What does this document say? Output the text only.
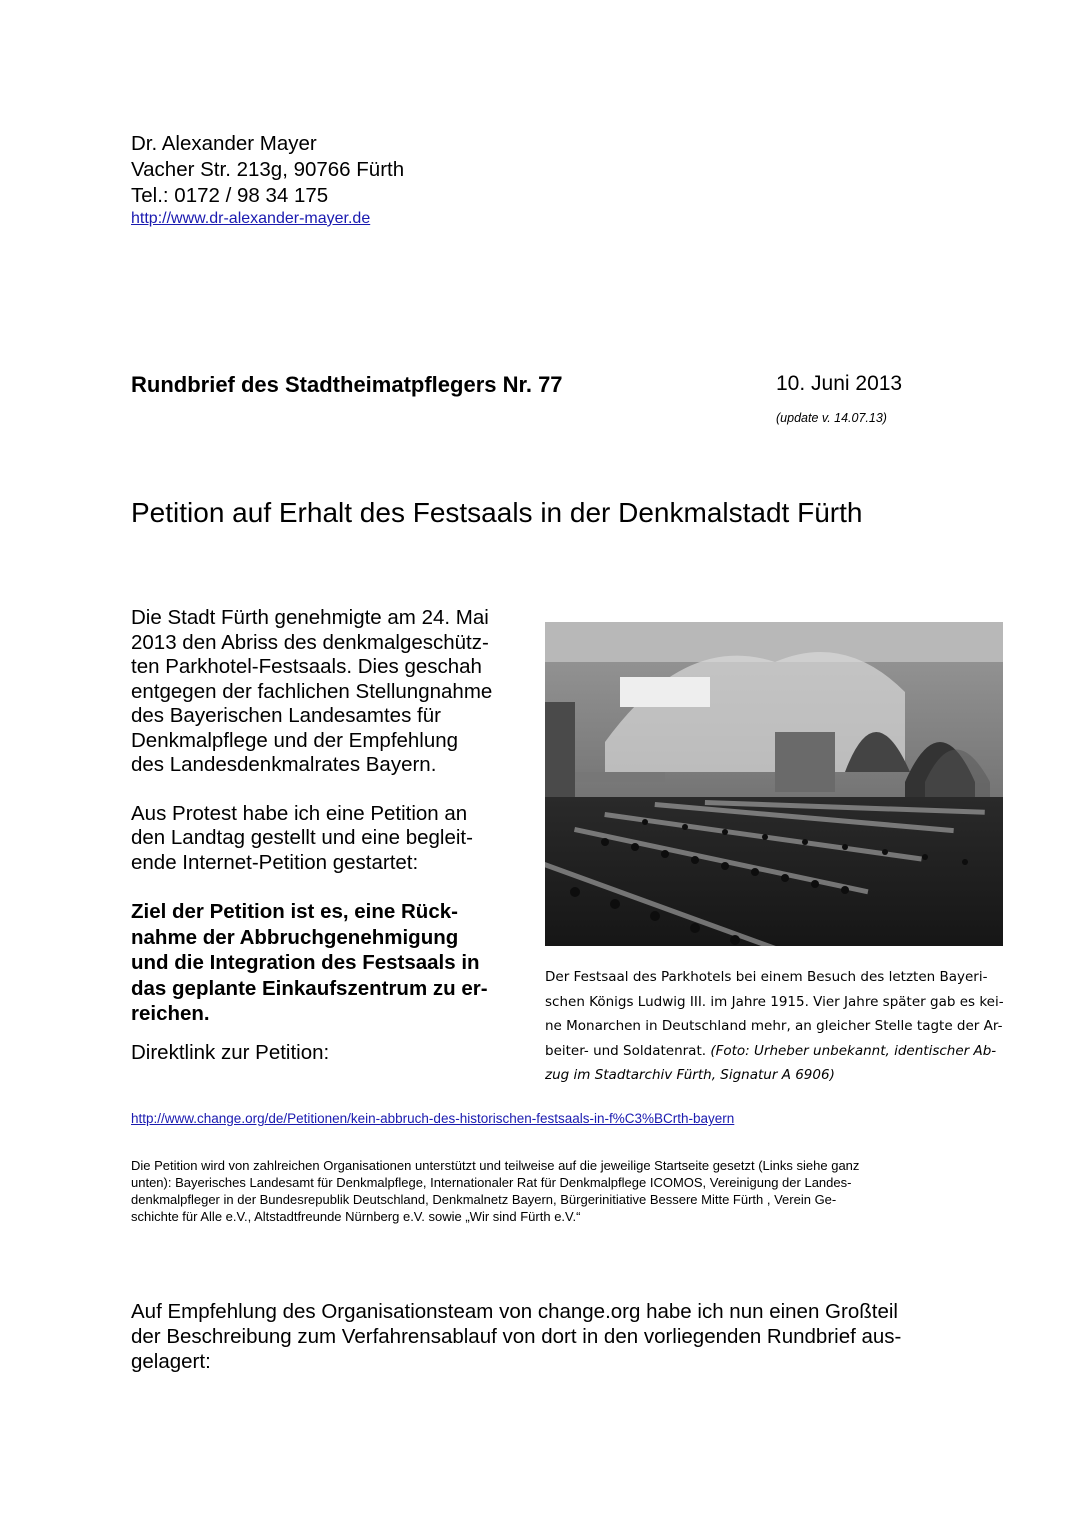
Dr. Alexander Mayer
Vacher Str. 213g, 90766 Fürth
Tel.: 0172 / 98 34 175
http://www.dr-alexander-mayer.de
Rundbrief des Stadtheimatpflegers Nr. 77	10. Juni 2013
(update v. 14.07.13)
Petition auf Erhalt des Festsaals in der Denkmalstadt Fürth

Die Stadt Fürth genehmigte am 24. Mai
2013 den Abriss des denkmalgeschütz-
ten Parkhotel-Festsaals. Dies geschah
entgegen der fachlichen Stellungnahme
des Bayerischen Landesamtes für
Denkmalpflege und der Empfehlung
des Landesdenkmalrates Bayern.

Aus Protest habe ich eine Petition an
den Landtag gestellt und eine begleit-
ende Internet-Petition gestartet:

Ziel der Petition ist es, eine Rück-
nahme der Abbruchgenehmigung
und die Integration des Festsaals in
das geplante Einkaufszentrum zu er-
reichen.

Direktlink zur Petition:

Der Festsaal des Parkhotels bei einem Besuch des letzten Bayeri-
schen Königs Ludwig III. im Jahre 1915. Vier Jahre später gab es kei-
ne Monarchen in Deutschland mehr, an gleicher Stelle tagte der Ar-
beiter- und Soldatenrat. (Foto: Urheber unbekannt, identischer Ab-
zug im Stadtarchiv Fürth, Signatur A 6906)
http://www.change.org/de/Petitionen/kein-abbruch-des-historischen-festsaals-in-f%C3%BCrth-bayern
Die Petition wird von zahlreichen Organisationen unterstützt und teilweise auf die jeweilige Startseite gesetzt (Links siehe ganz
unten): Bayerisches Landesamt für Denkmalpflege, Internationaler Rat für Denkmalpflege ICOMOS, Vereinigung der Landes-
denkmalpfleger in der Bundesrepublik Deutschland, Denkmalnetz Bayern, Bürgerinitiative Bessere Mitte Fürth , Verein Ge-
schichte für Alle e.V., Altstadtfreunde Nürnberg e.V. sowie „Wir sind Fürth e.V.“
Auf Empfehlung des Organisationsteam von change.org habe ich nun einen Großteil
der Beschreibung zum Verfahrensablauf von dort in den vorliegenden Rundbrief aus-
gelagert:
